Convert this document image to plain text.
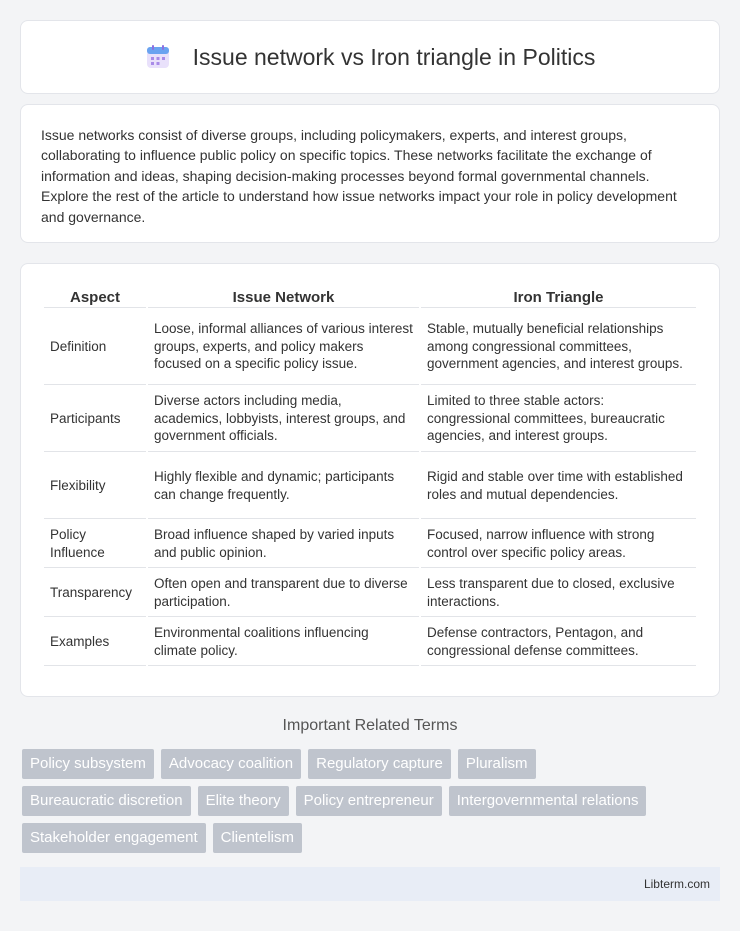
Issue network vs Iron triangle in Politics

Issue networks consist of diverse groups, including policymakers, experts, and interest groups, collaborating to influence public policy on specific topics. These networks facilitate the exchange of information and ideas, shaping decision-making processes beyond formal governmental channels. Explore the rest of the article to understand how issue networks impact your role in policy development and governance.

Aspect	Issue Network	Iron Triangle
Definition	Loose, informal alliances of various interest groups, experts, and policy makers focused on a specific policy issue.	Stable, mutually beneficial relationships among congressional committees, government agencies, and interest groups.
Participants	Diverse actors including media, academics, lobbyists, interest groups, and government officials.	Limited to three stable actors: congressional committees, bureaucratic agencies, and interest groups.
Flexibility	Highly flexible and dynamic; participants can change frequently.	Rigid and stable over time with established roles and mutual dependencies.
Policy Influence	Broad influence shaped by varied inputs and public opinion.	Focused, narrow influence with strong control over specific policy areas.
Transparency	Often open and transparent due to diverse participation.	Less transparent due to closed, exclusive interactions.
Examples	Environmental coalitions influencing climate policy.	Defense contractors, Pentagon, and congressional defense committees.
Important Related Terms
Policy subsystem	Advocacy coalition	Regulatory capture	Pluralism
Bureaucratic discretion	Elite theory	Policy entrepreneur	Intergovernmental relations
Stakeholder engagement	Clientelism
Libterm.com
